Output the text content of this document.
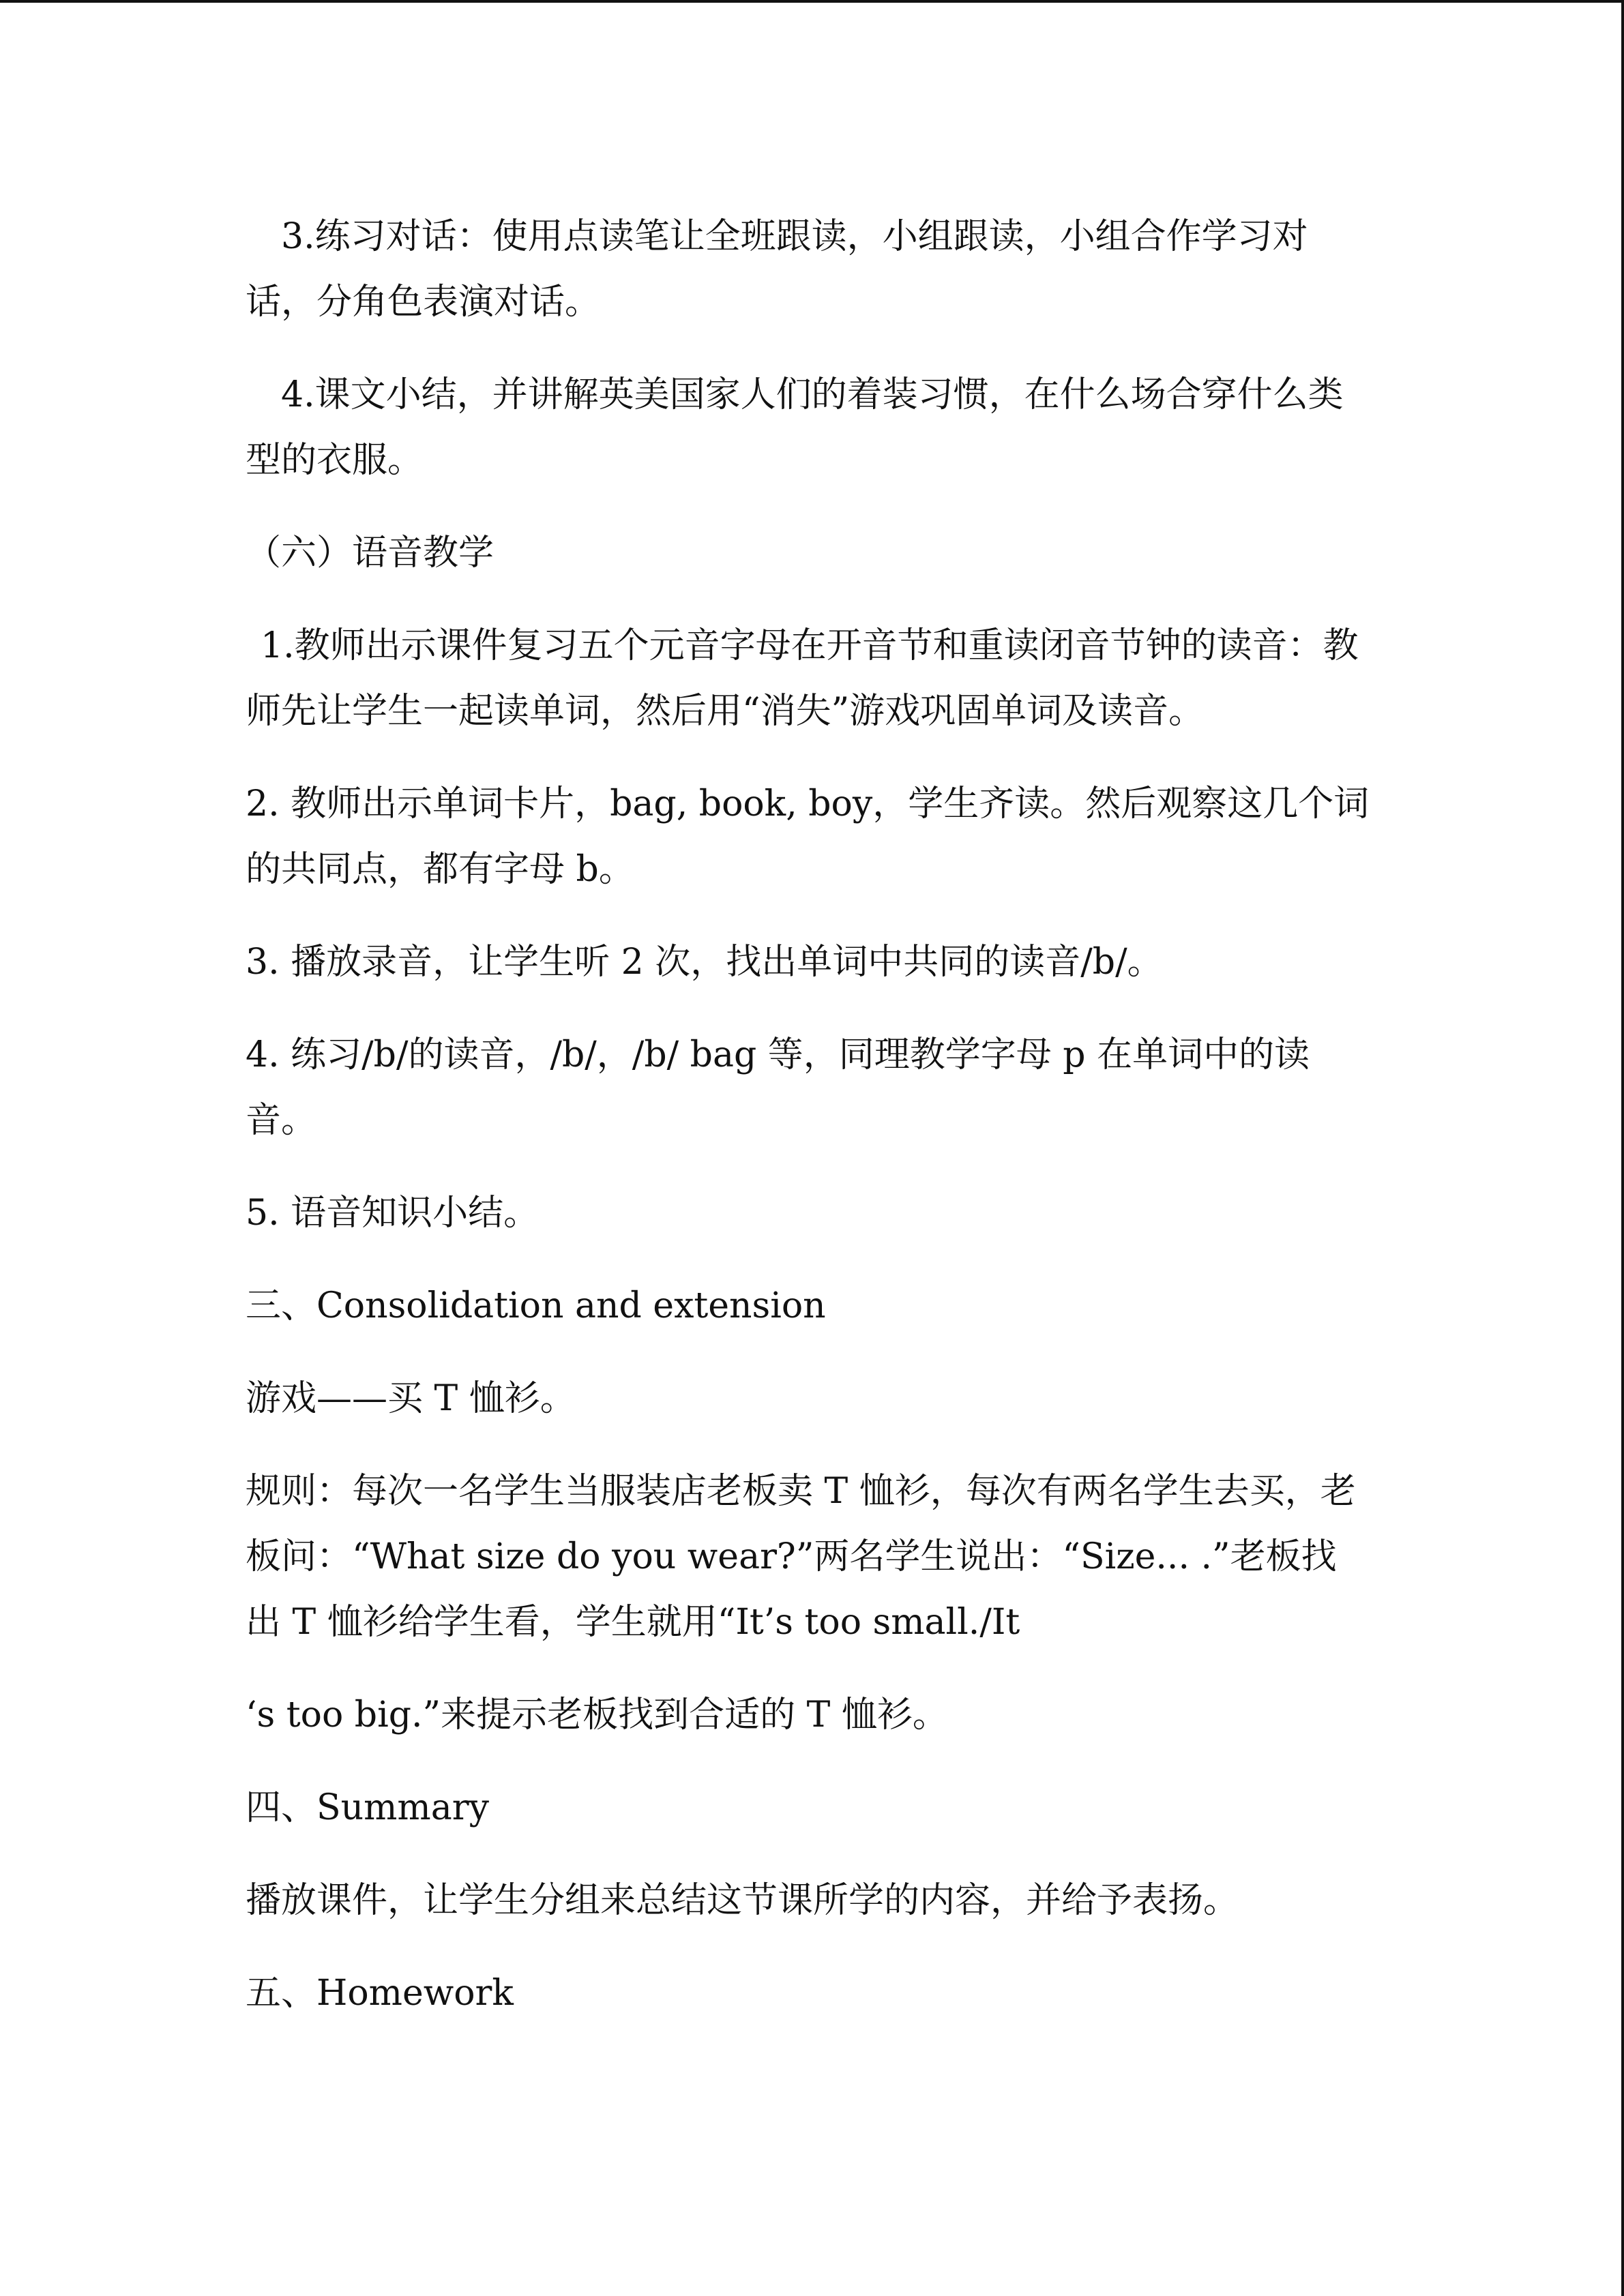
3.练习对话：使用点读笔让全班跟读，小组跟读，小组合作学习对话，分角色表演对话。

4.课文小结，并讲解英美国家人们的着装习惯，在什么场合穿什么类型的衣服。

（六）语音教学

1.教师出示课件复习五个元音字母在开音节和重读闭音节钟的读音：教师先让学生一起读单词，然后用“消失”游戏巩固单词及读音。

2. 教师出示单词卡片，bag, book, boy，学生齐读。然后观察这几个词的共同点，都有字母 b。

3. 播放录音，让学生听 2 次，找出单词中共同的读音/b/。

4. 练习/b/的读音，/b/，/b/ bag 等，同理教学字母 p 在单词中的读音。

5. 语音知识小结。

三、Consolidation and extension

游戏——买 T 恤衫。

规则：每次一名学生当服装店老板卖 T 恤衫，每次有两名学生去买，老板问：“What size do you wear?”两名学生说出：“Size... .”老板找出 T 恤衫给学生看，学生就用“It’s too small./It

‘s too big.”来提示老板找到合适的 T 恤衫。

四、Summary

播放课件，让学生分组来总结这节课所学的内容，并给予表扬。

五、Homework
